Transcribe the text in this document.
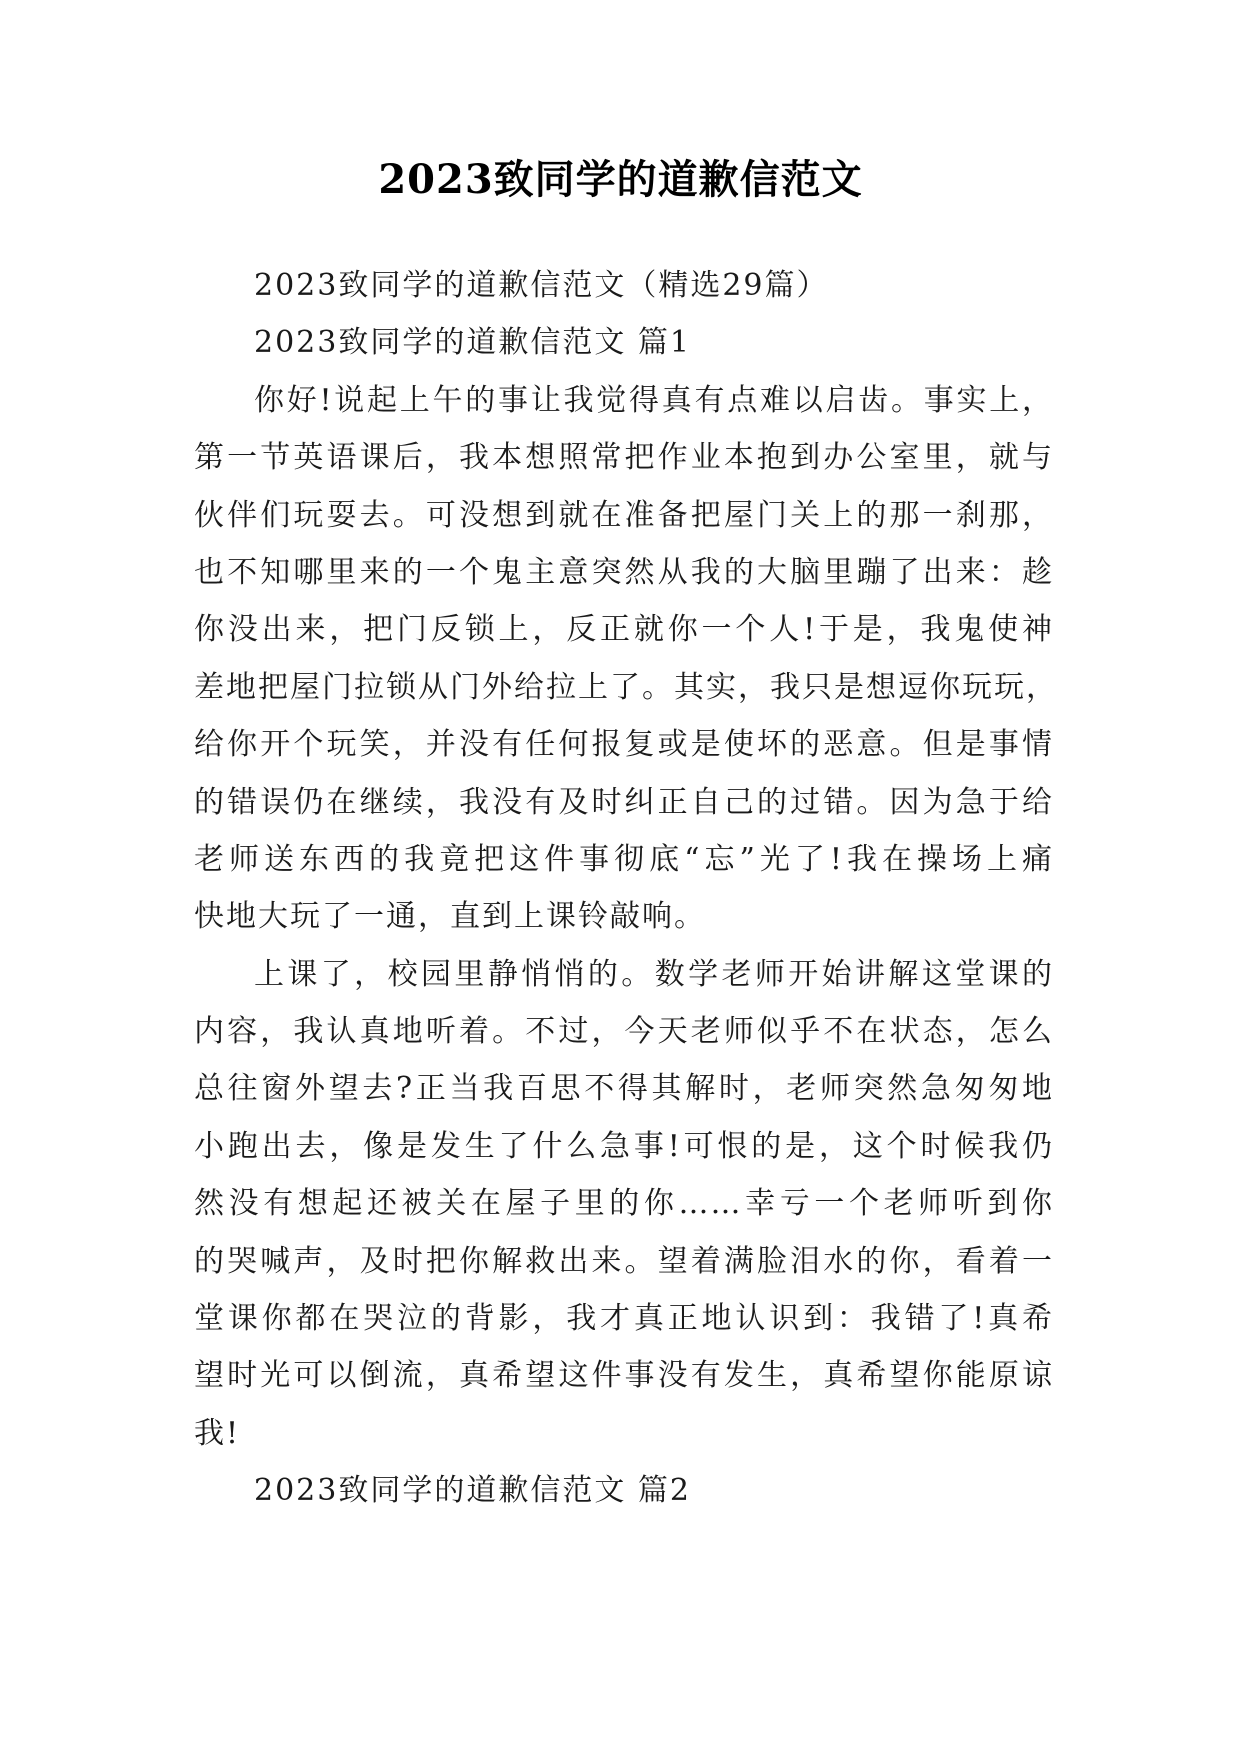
2023致同学的道歉信范文
2023致同学的道歉信范文（精选29篇）
2023致同学的道歉信范文 篇1
你好!说起上午的事让我觉得真有点难以启齿。事实上，
第一节英语课后，我本想照常把作业本抱到办公室里，就与
伙伴们玩耍去。可没想到就在准备把屋门关上的那一刹那，
也不知哪里来的一个鬼主意突然从我的大脑里蹦了出来：趁
你没出来，把门反锁上，反正就你一个人!于是，我鬼使神
差地把屋门拉锁从门外给拉上了。其实，我只是想逗你玩玩，
给你开个玩笑，并没有任何报复或是使坏的恶意。但是事情
的错误仍在继续，我没有及时纠正自己的过错。因为急于给
老师送东西的我竟把这件事彻底“忘”光了!我在操场上痛
快地大玩了一通，直到上课铃敲响。
上课了，校园里静悄悄的。数学老师开始讲解这堂课的
内容，我认真地听着。不过，今天老师似乎不在状态，怎么
总往窗外望去?正当我百思不得其解时，老师突然急匆匆地
小跑出去，像是发生了什么急事!可恨的是，这个时候我仍
然没有想起还被关在屋子里的你……幸亏一个老师听到你
的哭喊声，及时把你解救出来。望着满脸泪水的你，看着一
堂课你都在哭泣的背影，我才真正地认识到：我错了!真希
望时光可以倒流，真希望这件事没有发生，真希望你能原谅
我!
2023致同学的道歉信范文 篇2
